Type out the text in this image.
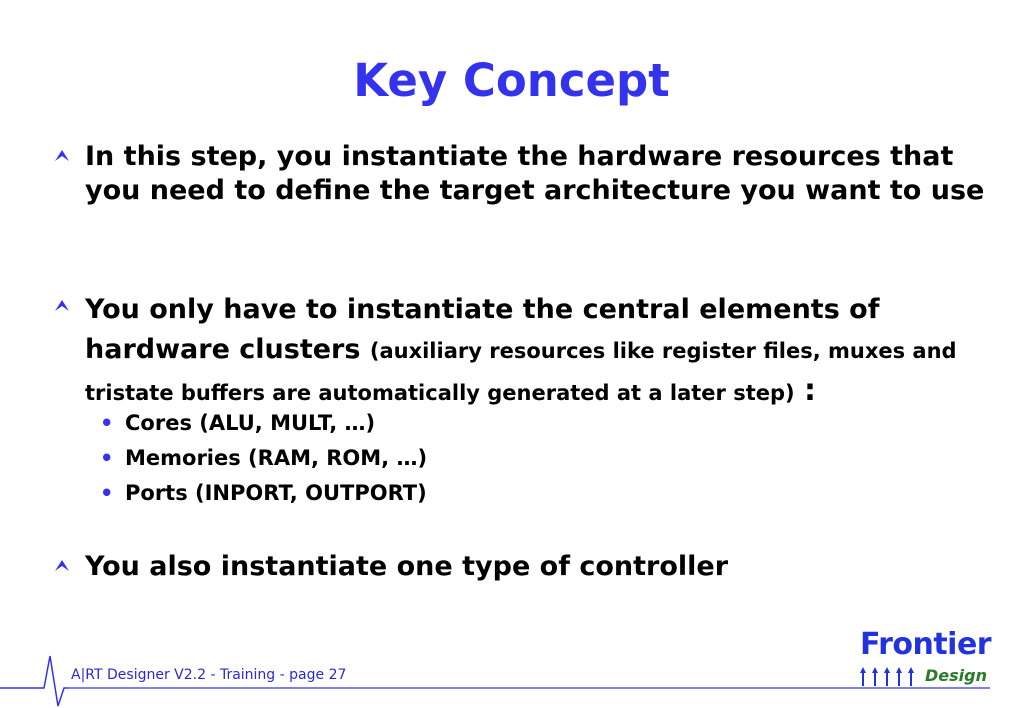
Key Concept
In this step, you instantiate the hardware resources that you need to define the target architecture you want to use
You only have to instantiate the central elements of hardware clusters (auxiliary resources like register files, muxes and tristate buffers are automatically generated at a later step) :
• Cores (ALU, MULT, …)
• Memories (RAM, ROM, …)
• Ports (INPORT, OUTPORT)
You also instantiate one type of controller
A|RT Designer V2.2 - Training - page 27
Frontier
Design
